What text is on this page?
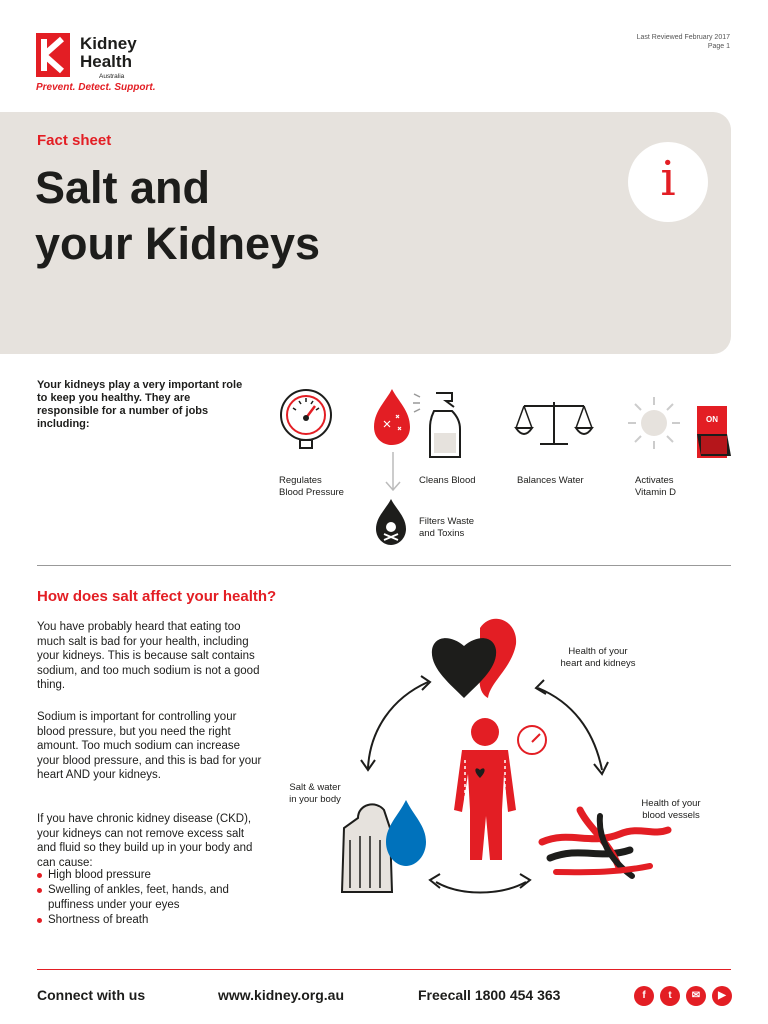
Kidney
Health
Australia
Prevent. Detect. Support.
Last Reviewed February 2017
Page 1
Fact sheet
Salt and
your Kidneys
i
Your kidneys play a very important role to keep you healthy. They are responsible for a number of jobs including:
Regulates
Blood Pressure
Cleans Blood
Filters Waste
and Toxins
Balances Water
ON
Activates
Vitamin D
How does salt affect your health?
You have probably heard that eating too much salt is bad for your health, including your kidneys. This is because salt contains sodium, and too much sodium is not a good thing.
Sodium is important for controlling your blood pressure, but you need the right amount. Too much sodium can increase your blood pressure, and this is bad for your heart AND your kidneys.
If you have chronic kidney disease (CKD), your kidneys can not remove excess salt and fluid so they build up in your body and can cause:
High blood pressure
Swelling of ankles, feet, hands, and puffiness under your eyes
Shortness of breath
Health of your
heart and kidneys
Salt & water
in your body	Health of your
blood vessels
Connect with us	www.kidney.org.au	Freecall 1800 454 363	f	t	✉	▶
